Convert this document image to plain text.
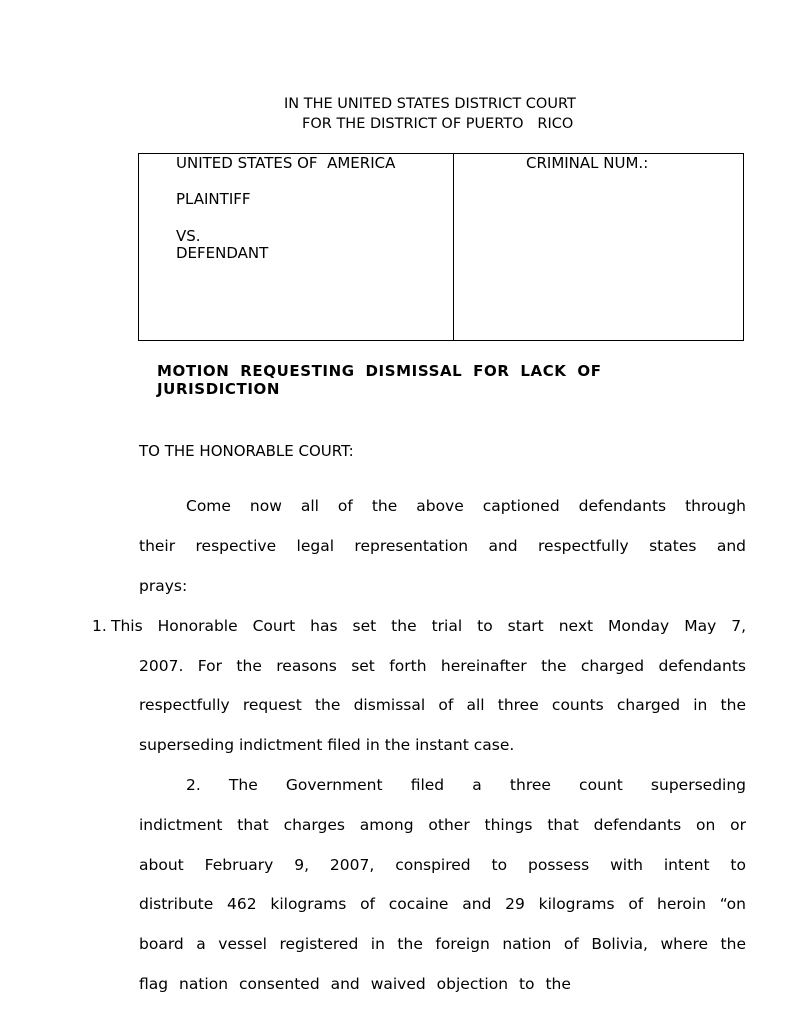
IN THE UNITED STATES DISTRICT COURT
FOR THE DISTRICT OF PUERTO   RICO
UNITED STATES OF  AMERICA
PLAINTIFF
VS.
DEFENDANT
CRIMINAL NUM.:
MOTION REQUESTING DISMISSAL FOR LACK OF
JURISDICTION
TO THE HONORABLE COURT:
Come now all of the above captioned defendants through
their respective legal representation and respectfully states and
prays:
1. This Honorable Court has set the trial to start next Monday May 7,
2007. For the reasons set forth hereinafter the charged defendants
respectfully request the dismissal of all three counts charged in the
superseding indictment filed in the instant case.
2. The Government filed a three count superseding
indictment that charges among other things that defendants on or
about February 9, 2007, conspired to possess with intent to
distribute 462 kilograms of cocaine and 29 kilograms of heroin “on
board a vessel registered in the foreign nation of Bolivia, where the
flag nation consented and waived objection to the
